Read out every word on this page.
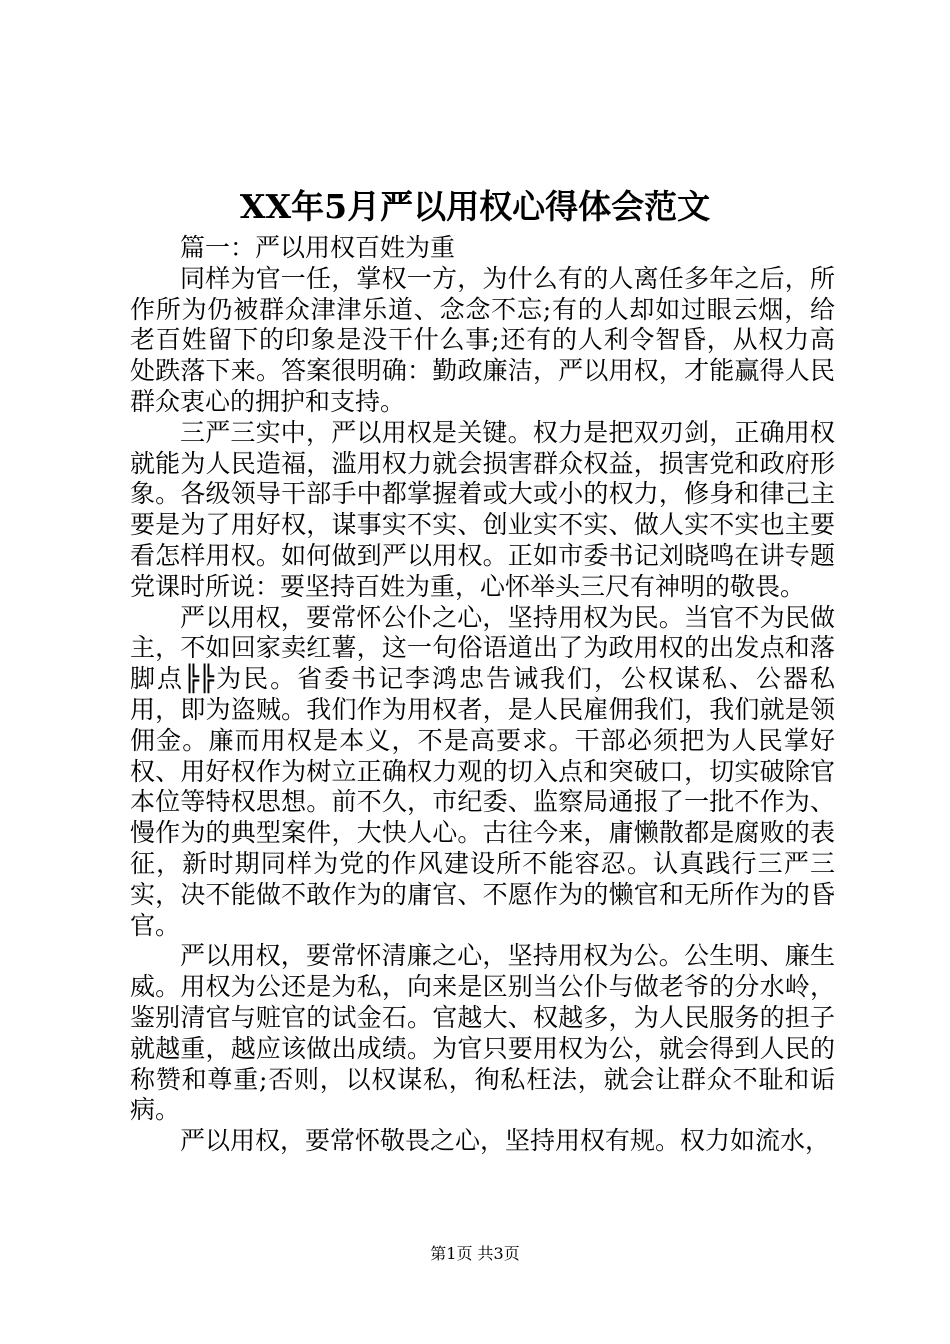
XX年5月严以用权心得体会范文

篇一：严以用权百姓为重

同样为官一任，掌权一方，为什么有的人离任多年之后，所作所为仍被群众津津乐道、念念不忘;有的人却如过眼云烟，给老百姓留下的印象是没干什么事;还有的人利令智昏，从权力高处跌落下来。答案很明确：勤政廉洁，严以用权，才能赢得人民群众衷心的拥护和支持。

三严三实中，严以用权是关键。权力是把双刃剑，正确用权就能为人民造福，滥用权力就会损害群众权益，损害党和政府形象。各级领导干部手中都掌握着或大或小的权力，修身和律己主要是为了用好权，谋事实不实、创业实不实、做人实不实也主要看怎样用权。如何做到严以用权。正如市委书记刘晓鸣在讲专题党课时所说：要坚持百姓为重，心怀举头三尺有神明的敬畏。

严以用权，要常怀公仆之心，坚持用权为民。当官不为民做主，不如回家卖红薯，这一句俗语道出了为政用权的出发点和落脚点╠╠为民。省委书记李鸿忠告诫我们，公权谋私、公器私用，即为盗贼。我们作为用权者，是人民雇佣我们，我们就是领佣金。廉而用权是本义，不是高要求。干部必须把为人民掌好权、用好权作为树立正确权力观的切入点和突破口，切实破除官本位等特权思想。前不久，市纪委、监察局通报了一批不作为、慢作为的典型案件，大快人心。古往今来，庸懒散都是腐败的表征，新时期同样为党的作风建设所不能容忍。认真践行三严三实，决不能做不敢作为的庸官、不愿作为的懒官和无所作为的昏官。

严以用权，要常怀清廉之心，坚持用权为公。公生明、廉生威。用权为公还是为私，向来是区别当公仆与做老爷的分水岭，鉴别清官与赃官的试金石。官越大、权越多，为人民服务的担子就越重，越应该做出成绩。为官只要用权为公，就会得到人民的称赞和尊重;否则，以权谋私，徇私枉法，就会让群众不耻和诟病。

严以用权，要常怀敬畏之心，坚持用权有规。权力如流水，

第1页 共3页
